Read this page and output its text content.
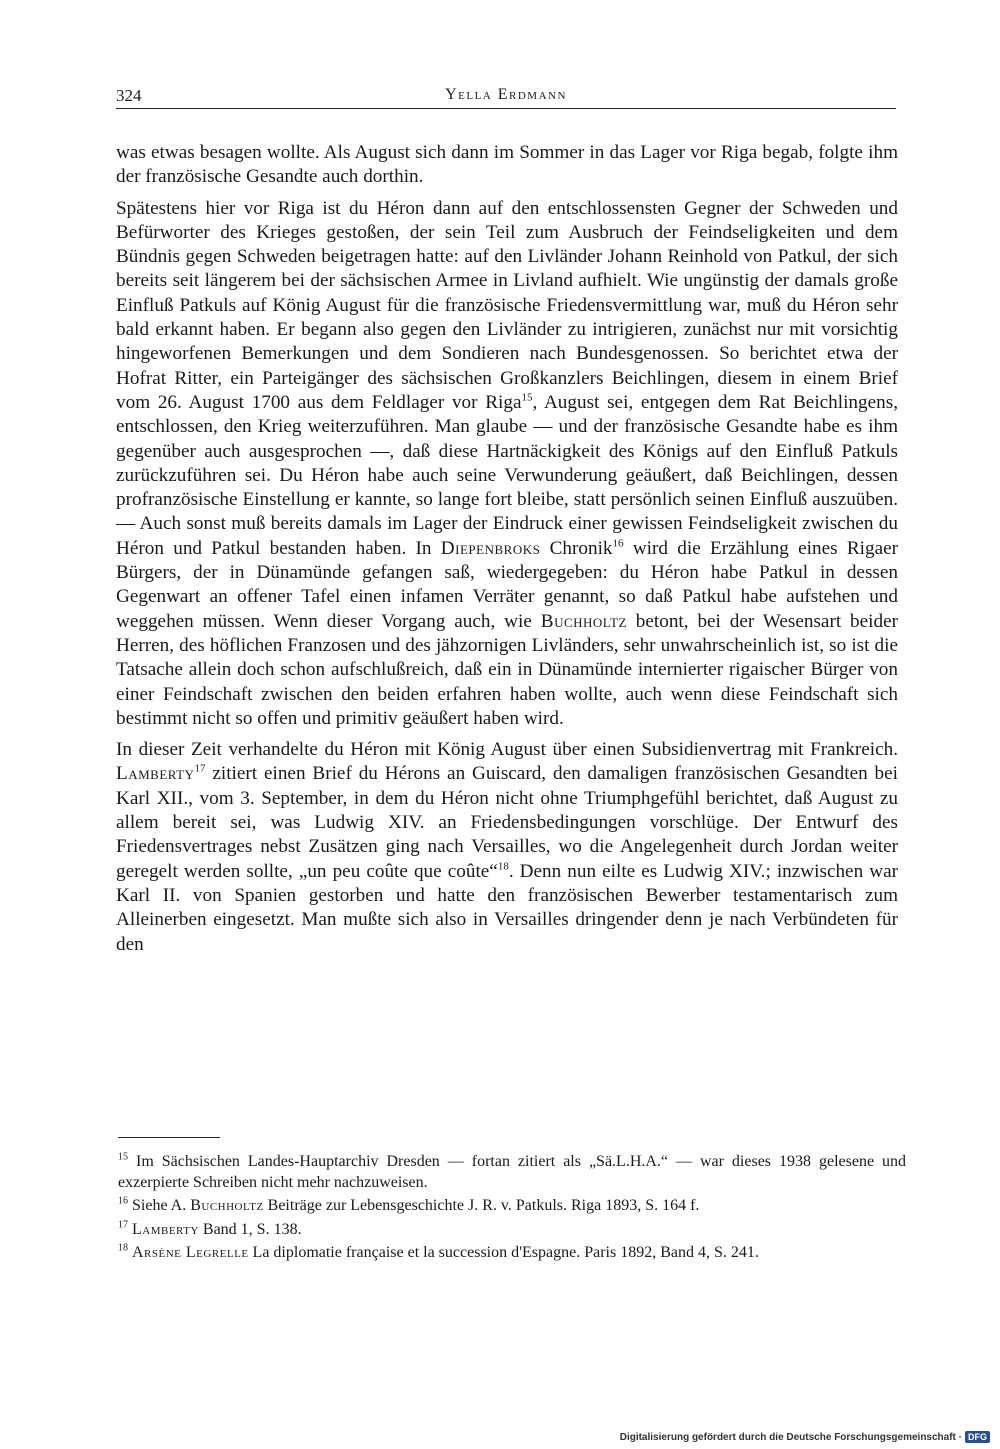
324	Yella Erdmann

was etwas besagen wollte. Als August sich dann im Sommer in das Lager vor Riga begab, folgte ihm der französische Gesandte auch dorthin.

Spätestens hier vor Riga ist du Héron dann auf den entschlossensten Gegner der Schweden und Befürworter des Krieges gestoßen, der sein Teil zum Ausbruch der Feindseligkeiten und dem Bündnis gegen Schweden beigetragen hatte: auf den Livländer Johann Reinhold von Patkul, der sich bereits seit längerem bei der sächsischen Armee in Livland aufhielt. Wie ungünstig der damals große Einfluß Patkuls auf König August für die französische Friedensvermittlung war, muß du Héron sehr bald erkannt haben. Er begann also gegen den Livländer zu intrigieren, zunächst nur mit vorsichtig hingeworfenen Bemerkungen und dem Sondieren nach Bundesgenossen. So berichtet etwa der Hofrat Ritter, ein Parteigänger des sächsischen Großkanzlers Beichlingen, diesem in einem Brief vom 26. August 1700 aus dem Feldlager vor Riga$^{15}$, August sei, entgegen dem Rat Beichlingens, entschlossen, den Krieg weiterzuführen. Man glaube — und der französische Gesandte habe es ihm gegenüber auch ausgesprochen —, daß diese Hartnäckigkeit des Königs auf den Einfluß Patkuls zurückzuführen sei. Du Héron habe auch seine Verwunderung geäußert, daß Beichlingen, dessen profranzösische Einstellung er kannte, so lange fort bleibe, statt persönlich seinen Einfluß auszuüben. — Auch sonst muß bereits damals im Lager der Eindruck einer gewissen Feindseligkeit zwischen du Héron und Patkul bestanden haben. In Diepenbroks Chronik$^{16}$ wird die Erzählung eines Rigaer Bürgers, der in Dünamünde gefangen saß, wiedergegeben: du Héron habe Patkul in dessen Gegenwart an offener Tafel einen infamen Verräter genannt, so daß Patkul habe aufstehen und weggehen müssen. Wenn dieser Vorgang auch, wie Buchholtz betont, bei der Wesensart beider Herren, des höflichen Franzosen und des jähzornigen Livländers, sehr unwahrscheinlich ist, so ist die Tatsache allein doch schon aufschlußreich, daß ein in Dünamünde internierter rigaischer Bürger von einer Feindschaft zwischen den beiden erfahren haben wollte, auch wenn diese Feindschaft sich bestimmt nicht so offen und primitiv geäußert haben wird.

In dieser Zeit verhandelte du Héron mit König August über einen Subsidienvertrag mit Frankreich. Lamberty$^{17}$ zitiert einen Brief du Hérons an Guiscard, den damaligen französischen Gesandten bei Karl XII., vom 3. September, in dem du Héron nicht ohne Triumphgefühl berichtet, daß August zu allem bereit sei, was Ludwig XIV. an Friedensbedingungen vorschlüge. Der Entwurf des Friedensvertrages nebst Zusätzen ging nach Versailles, wo die Angelegenheit durch Jordan weiter geregelt werden sollte, „un peu coûte que coûte“$^{18}$. Denn nun eilte es Ludwig XIV.; inzwischen war Karl II. von Spanien gestorben und hatte den französischen Bewerber testamentarisch zum Alleinerben eingesetzt. Man mußte sich also in Versailles dringender denn je nach Verbündeten für den

$^{15}$ Im Sächsischen Landes-Hauptarchiv Dresden — fortan zitiert als „Sä.L.H.A.“ — war dieses 1938 gelesene und exzerpierte Schreiben nicht mehr nachzuweisen.

$^{16}$ Siehe A. Buchholtz Beiträge zur Lebensgeschichte J. R. v. Patkuls. Riga 1893, S. 164 f.

$^{17}$ Lamberty Band 1, S. 138.

$^{18}$ Arsène Legrelle La diplomatie française et la succession d'Espagne. Paris 1892, Band 4, S. 241.

Digitalisierung gefördert durch die Deutsche Forschungsgemeinschaft · DFG
